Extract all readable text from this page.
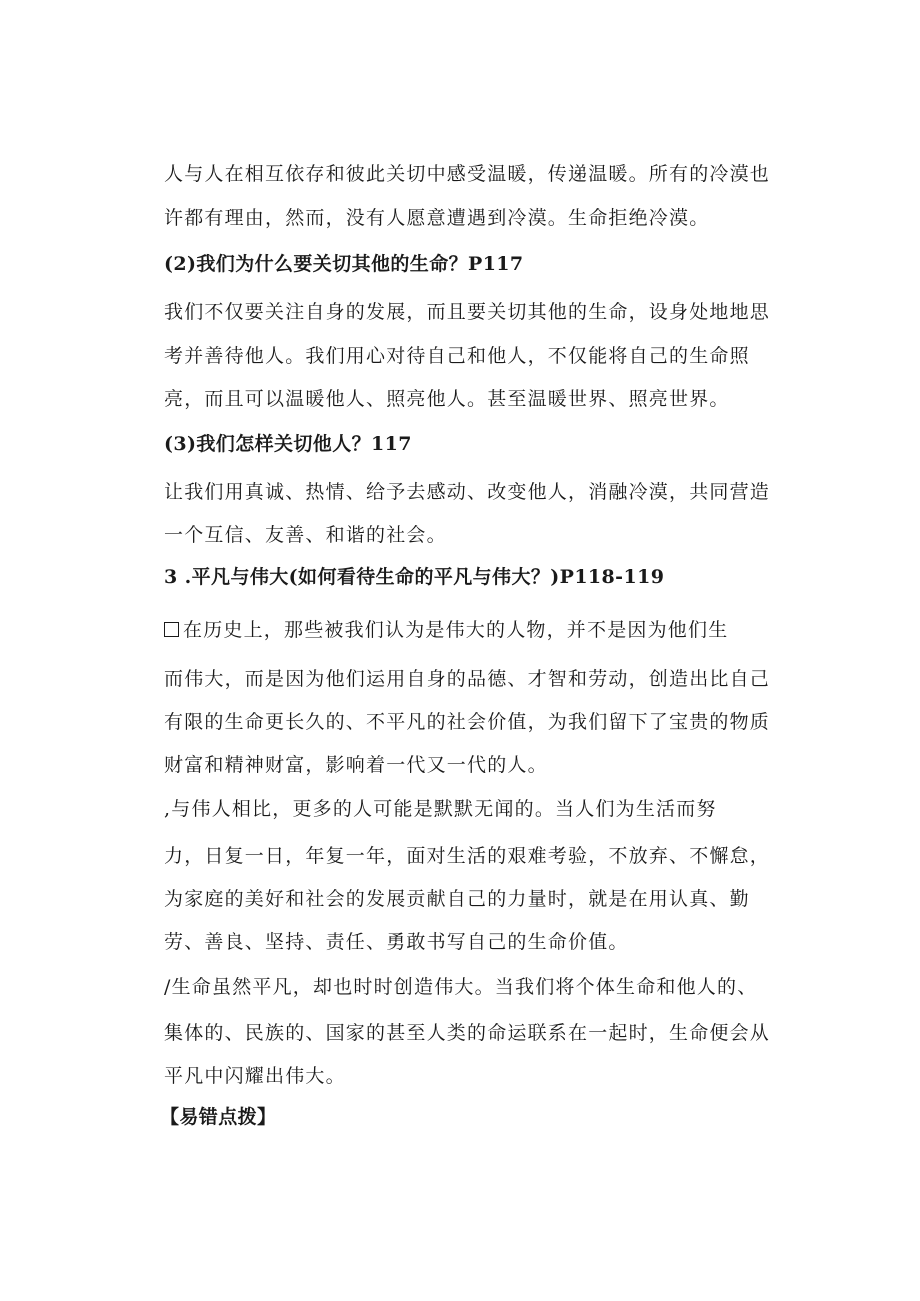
人与人在相互依存和彼此关切中感受温暖，传递温暖。所有的冷漠也
许都有理由，然而，没有人愿意遭遇到冷漠。生命拒绝冷漠。
(2)我们为什么要关切其他的生命？P117
我们不仅要关注自身的发展，而且要关切其他的生命，设身处地地思
考并善待他人。我们用心对待自己和他人，不仅能将自己的生命照
亮，而且可以温暖他人、照亮他人。甚至温暖世界、照亮世界。
(3)我们怎样关切他人？117
让我们用真诚、热情、给予去感动、改变他人，消融冷漠，共同营造
一个互信、友善、和谐的社会。
3 .平凡与伟大(如何看待生命的平凡与伟大？)P118-119
在历史上，那些被我们认为是伟大的人物，并不是因为他们生
而伟大，而是因为他们运用自身的品德、才智和劳动，创造出比自己
有限的生命更长久的、不平凡的社会价值，为我们留下了宝贵的物质
财富和精神财富，影响着一代又一代的人。
,与伟人相比，更多的人可能是默默无闻的。当人们为生活而努
力，日复一日，年复一年，面对生活的艰难考验，不放弃、不懈怠，
为家庭的美好和社会的发展贡献自己的力量时，就是在用认真、勤
劳、善良、坚持、责任、勇敢书写自己的生命价值。
/生命虽然平凡，却也时时创造伟大。当我们将个体生命和他人的、
集体的、民族的、国家的甚至人类的命运联系在一起时，生命便会从
平凡中闪耀出伟大。
【易错点拨】
